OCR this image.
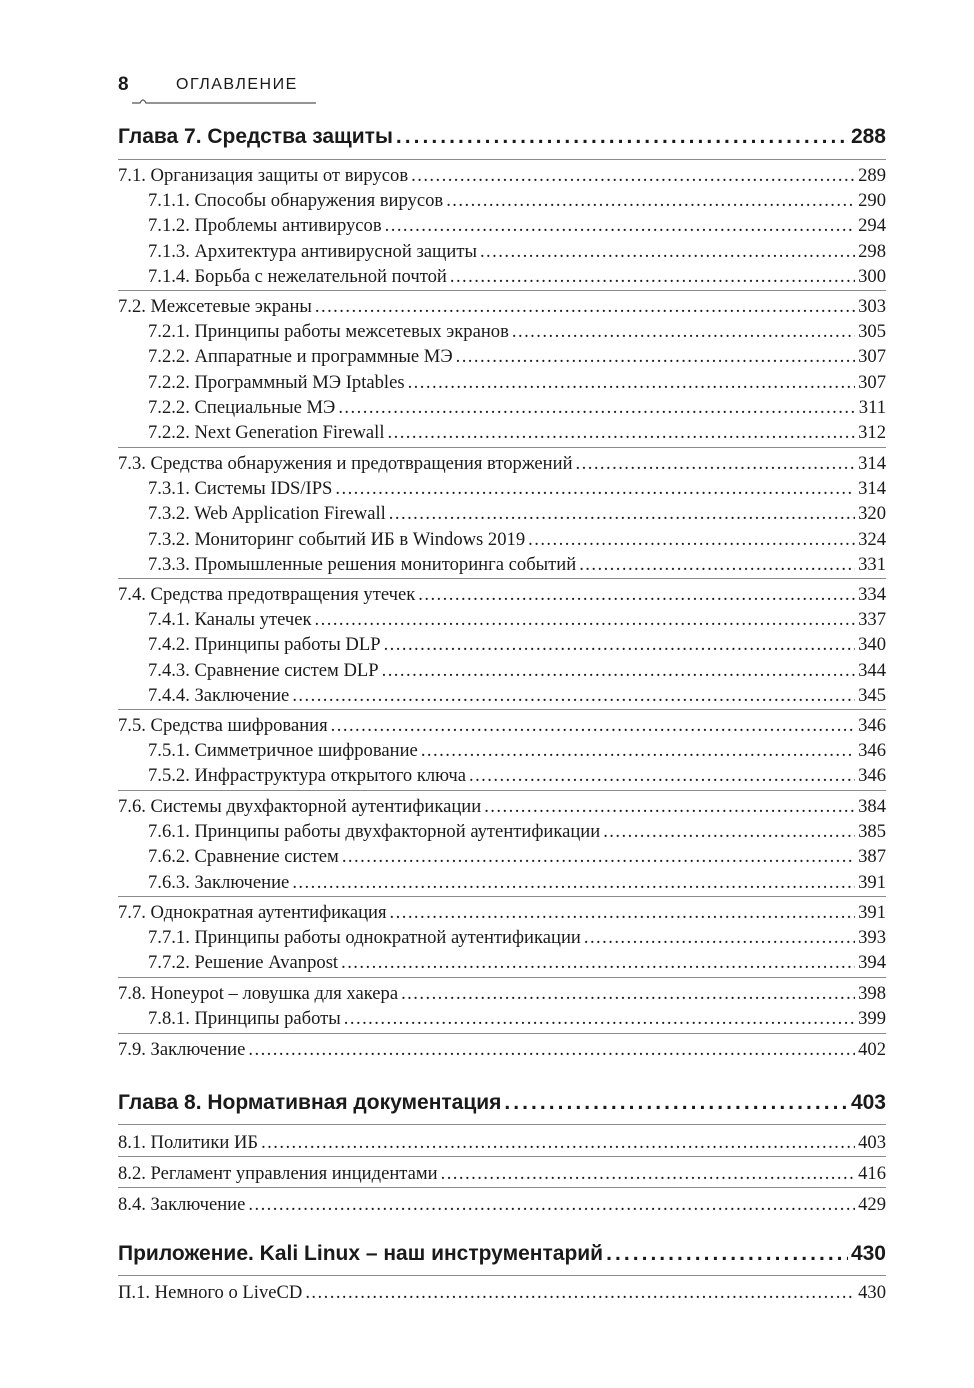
8	ОГЛАВЛЕНИЕ
Глава 7. Средства защиты . . .	288
7.1. Организация защиты от вирусов . . .	289
7.1.1. Способы обнаружения вирусов . . .	290
7.1.2. Проблемы антивирусов . . .	294
7.1.3. Архитектура антивирусной защиты . . .	298
7.1.4. Борьба с нежелательной почтой . . .	300
7.2. Межсетевые экраны . . .	303
7.2.1. Принципы работы межсетевых экранов . . .	305
7.2.2. Аппаратные и программные МЭ . . .	307
7.2.2. Программный МЭ Iptables . . .	307
7.2.2. Специальные МЭ . . .	311
7.2.2. Next Generation Firewall . . .	312
7.3. Средства обнаружения и предотвращения вторжений . . .	314
7.3.1. Системы IDS/IPS . . .	314
7.3.2. Web Application Firewall . . .	320
7.3.2. Мониторинг событий ИБ в Windows 2019 . . .	324
7.3.3. Промышленные решения мониторинга событий . . .	331
7.4. Средства предотвращения утечек . . .	334
7.4.1. Каналы утечек . . .	337
7.4.2. Принципы работы DLP . . .	340
7.4.3. Сравнение систем DLP . . .	344
7.4.4. Заключение . . .	345
7.5. Средства шифрования . . .	346
7.5.1. Симметричное шифрование . . .	346
7.5.2. Инфраструктура открытого ключа . . .	346
7.6. Системы двухфакторной аутентификации . . .	384
7.6.1. Принципы работы двухфакторной аутентификации . . .	385
7.6.2. Сравнение систем . . .	387
7.6.3. Заключение . . .	391
7.7. Однократная аутентификация . . .	391
7.7.1. Принципы работы однократной аутентификации . . .	393
7.7.2. Решение Avanpost . . .	394
7.8. Honeypot – ловушка для хакера . . .	398
7.8.1. Принципы работы . . .	399
7.9. Заключение . . .	402
Глава 8. Нормативная документация . . .	403
8.1. Политики ИБ . . .	403
8.2. Регламент управления инцидентами . . .	416
8.4. Заключение . . .	429
Приложение. Kali Linux – наш инструментарий . . .	430
П.1. Немного о LiveCD . . .	430
